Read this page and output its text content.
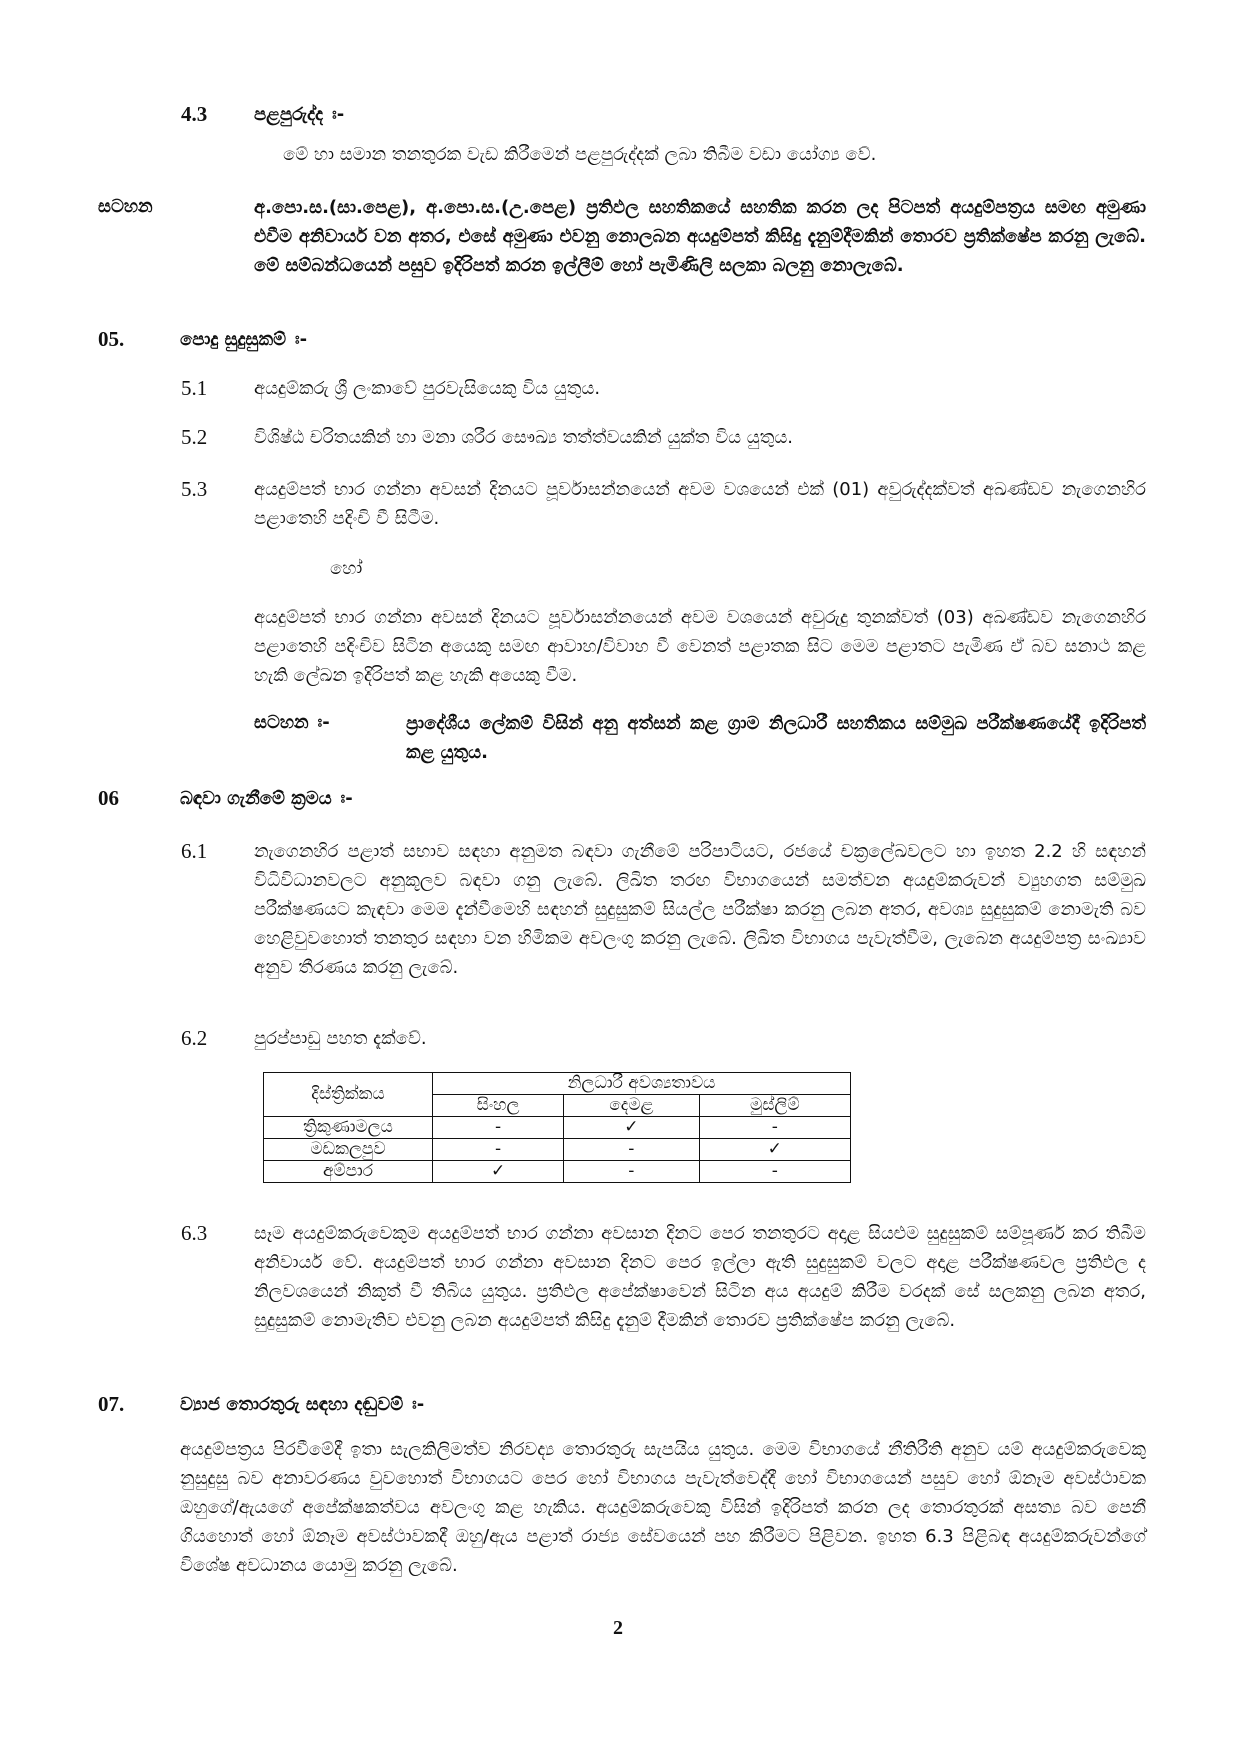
4.3	පළපුරුද්ද ඃ-
මේ හා සමාන තනතුරක වැඩ කිරීමෙන් පළපුරුද්දක් ලබා තිබීම වඩා යෝග්‍ය වේ.
සටහන	අ.පො.ස.(සා.පෙළ), අ.පො.ස.(උ.පෙළ) ප්‍රතිඵල සහතිකයේ සහතික කරන ලද පිටපත් අයදුම්පත්‍රය සමඟ අමුණා එවීම අනිවාර්ය වන අතර, එසේ අමුණා එවනු නොලබන අයදුම්පත් කිසිදු දැනුම්දීමකින් තොරව ප්‍රතික්ෂේප කරනු ලැබේ. මේ සම්බන්ධයෙන් පසුව ඉදිරිපත් කරන ඉල්ලීම් හෝ පැමිණිලි සලකා බලනු නොලැබේ.
05.	පොදු සුදුසුකම් ඃ-
5.1	අයදුම්කරු ශ්‍රී ලංකාවේ පුරවැසියෙකු විය යුතුය.
5.2	විශිෂ්ඨ චරිතයකින් හා මනා ශරීර සෞඛ්‍ය තත්ත්වයකින් යුක්ත විය යුතුය.
5.3	අයදුම්පත් භාර ගන්නා අවසන් දිනයට පූර්වාසන්නයෙන් අවම වශයෙන් එක් (01) අවුරුද්දක්වත් අඛණ්ඩව නැගෙනහිර පළාතෙහි පදිංචි වී සිටීම.
හෝ
අයදුම්පත් භාර ගන්නා අවසන් දිනයට පූර්වාසන්නයෙන් අවම වශයෙන් අවුරුදු තුනක්වත් (03) අඛණ්ඩව නැගෙනහිර පළාතෙහි පදිංචිව සිටින අයෙකු සමඟ ආවාහ/විවාහ වී වෙනත් පළාතක සිට මෙම පළාතට පැමිණ ඒ බව සනාථ කළ හැකි ලේඛන ඉදිරිපත් කළ හැකි අයෙකු වීම.
සටහන ඃ-	ප්‍රාදේශීය ලේකම් විසින් අනු අත්සන් කළ ග්‍රාම නිලධාරී සහතිකය සම්මුඛ පරීක්ෂණයේදී ඉදිරිපත් කළ යුතුය.
06	බඳවා ගැනීමේ ක්‍රමය ඃ-
6.1	නැගෙනහිර පළාත් සභාව සඳහා අනුමත බඳවා ගැනීමේ පරිපාටියට, රජයේ චක්‍රලේඛවලට හා ඉහත 2.2 හි සඳහන් විධිවිධානවලට අනුකූලව බඳවා ගනු ලැබේ. ලිඛිත තරඟ විභාගයෙන් සමත්වන අයදුම්කරුවන් ව්‍යුහගත සම්මුඛ පරීක්ෂණයට කැඳවා මෙම දැන්වීමෙහි සඳහන් සුදුසුකම් සියල්ල පරීක්ෂා කරනු ලබන අතර, අවශ්‍ය සුදුසුකම් නොමැති බව හෙළිවුවහොත් තනතුර සඳහා වන හිමිකම අවලංගු කරනු ලැබේ. ලිඛිත විභාගය පැවැත්වීම, ලැබෙන අයදුම්පත්‍ර සංඛ්‍යාව අනුව තීරණය කරනු ලැබේ.
6.2	පුරප්පාඩු පහත දැක්වේ.
දිස්ත්‍රික්කය	නිලධාරී අවශ්‍යතාවය		
	සිංහල	දෙමළ	මුස්ලිම්
ත්‍රිකුණාමලය	-	✓	-
මඩකලපුව	-	-	✓
අම්පාර	✓	-	-
6.3	සෑම අයදුම්කරුවෙකුම අයදුම්පත් භාර ගන්නා අවසාන දිනට පෙර තනතුරට අදාළ සියළුම සුදුසුකම් සම්පූර්ණ කර තිබීම අනිවාර්ය වේ. අයදුම්පත් භාර ගන්නා අවසාන දිනට පෙර ඉල්ලා ඇති සුදුසුකම් වලට අදාළ පරීක්ෂණවල ප්‍රතිඵල ද නිලවශයෙන් නිකුත් වී තිබිය යුතුය. ප්‍රතිඵල අපේක්ෂාවෙන් සිටින අය අයදුම් කිරීම වරදක් සේ සලකනු ලබන අතර, සුදුසුකම් නොමැතිව එවනු ලබන අයදුම්පත් කිසිදු දැනුම් දීමකින් තොරව ප්‍රතික්ෂේප කරනු ලැබේ.
07.	ව්‍යාජ තොරතුරු සඳහා දඬුවම් ඃ-
අයදුම්පත්‍රය පිරවීමේදී ඉතා සැලකිලිමත්ව නිරවද්‍ය තොරතුරු සැපයිය යුතුය. මෙම විභාගයේ නීතිරීති අනුව යම් අයදුම්කරුවෙකු නුසුදුසු බව අනාවරණය වුවහොත් විභාගයට පෙර හෝ විභාගය පැවැත්වෙද්දී හෝ විභාගයෙන් පසුව හෝ ඕනෑම අවස්ථාවක ඔහුගේ/ඇයගේ අපේක්ෂකත්වය අවලංගු කළ හැකිය. අයදුම්කරුවෙකු විසින් ඉදිරිපත් කරන ලද තොරතුරක් අසත්‍ය බව පෙනී ගියහොත් හෝ ඕනෑම අවස්ථාවකදී ඔහු/ඇය පළාත් රාජ්‍ය සේවයෙන් පහ කිරීමට පිළිවන. ඉහත 6.3 පිළිබඳ අයදුම්කරුවන්ගේ විශේෂ අවධානය යොමු කරනු ලැබේ.
2
